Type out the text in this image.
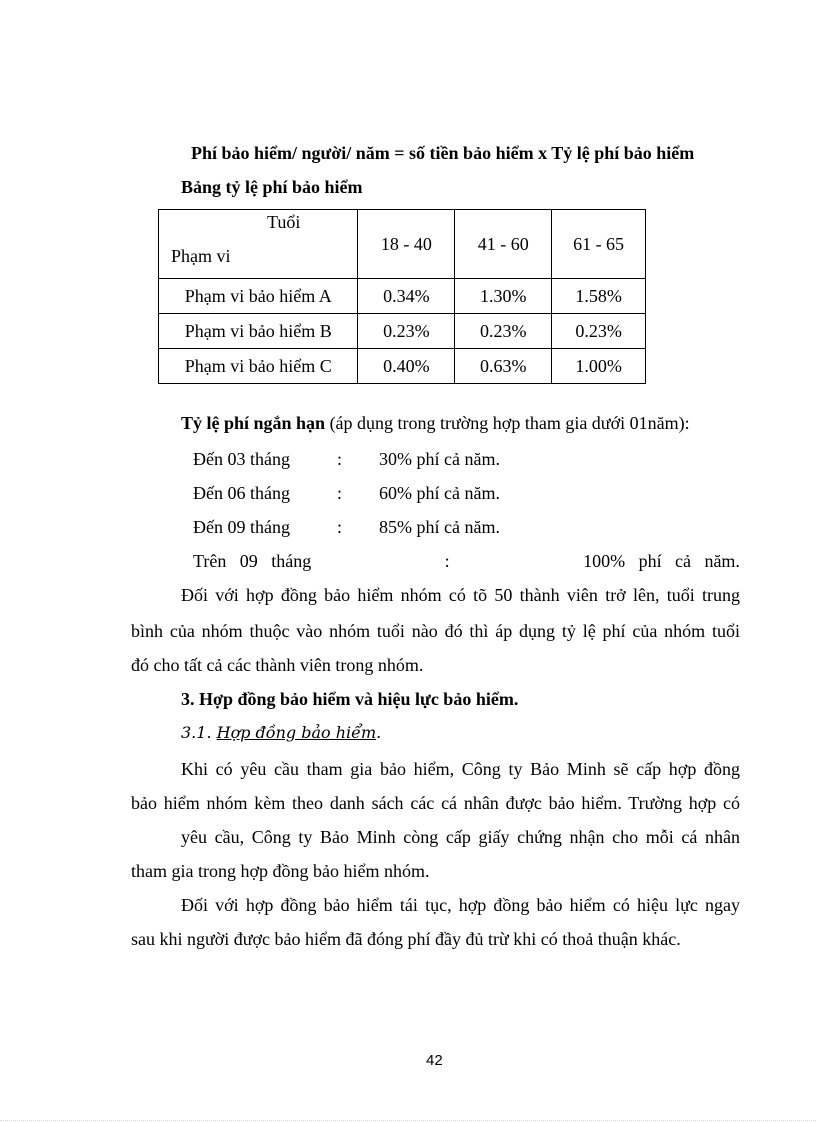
Phí bảo hiểm/ người/ năm = số tiền bảo hiểm x Tỷ lệ phí bảo hiểm
Bảng tỷ lệ phí bảo hiểm
Tuổi
Phạm vi	18 - 40	41 - 60	61 - 65
Phạm vi bảo hiểm A	0.34%	1.30%	1.58%
Phạm vi bảo hiểm B	0.23%	0.23%	0.23%
Phạm vi bảo hiểm C	0.40%	0.63%	1.00%
Tỷ lệ phí ngắn hạn (áp dụng trong trường hợp tham gia dưới 01năm):
Đến 03 tháng	: 30% phí cả năm.
Đến 06 tháng	: 60% phí cả năm.
Đến 09 tháng	: 85% phí cả năm.
Trên 09 tháng	:	100% phí cả năm.
Đối với hợp đồng bảo hiểm nhóm có tõ 50 thành viên trở lên, tuổi trung
bình của nhóm thuộc vào nhóm tuổi nào đó thì áp dụng tỷ lệ phí của nhóm tuổi
đó cho tất cả các thành viên trong nhóm.
3. Hợp đồng bảo hiểm và hiệu lực bảo hiểm.
3.1. Hợp đồng bảo hiểm.
Khi có yêu cầu tham gia bảo hiểm, Công ty Bảo Minh sẽ cấp hợp đồng
bảo hiểm nhóm kèm theo danh sách các cá nhân được bảo hiểm. Trường hợp có
yêu cầu, Công ty Bảo Minh còng cấp giấy chứng nhận cho mỗi cá nhân
tham gia trong hợp đồng bảo hiểm nhóm.
Đối với hợp đồng bảo hiểm tái tục, hợp đồng bảo hiểm có hiệu lực ngay
sau khi người được bảo hiểm đã đóng phí đầy đủ trừ khi có thoả thuận khác.
42
